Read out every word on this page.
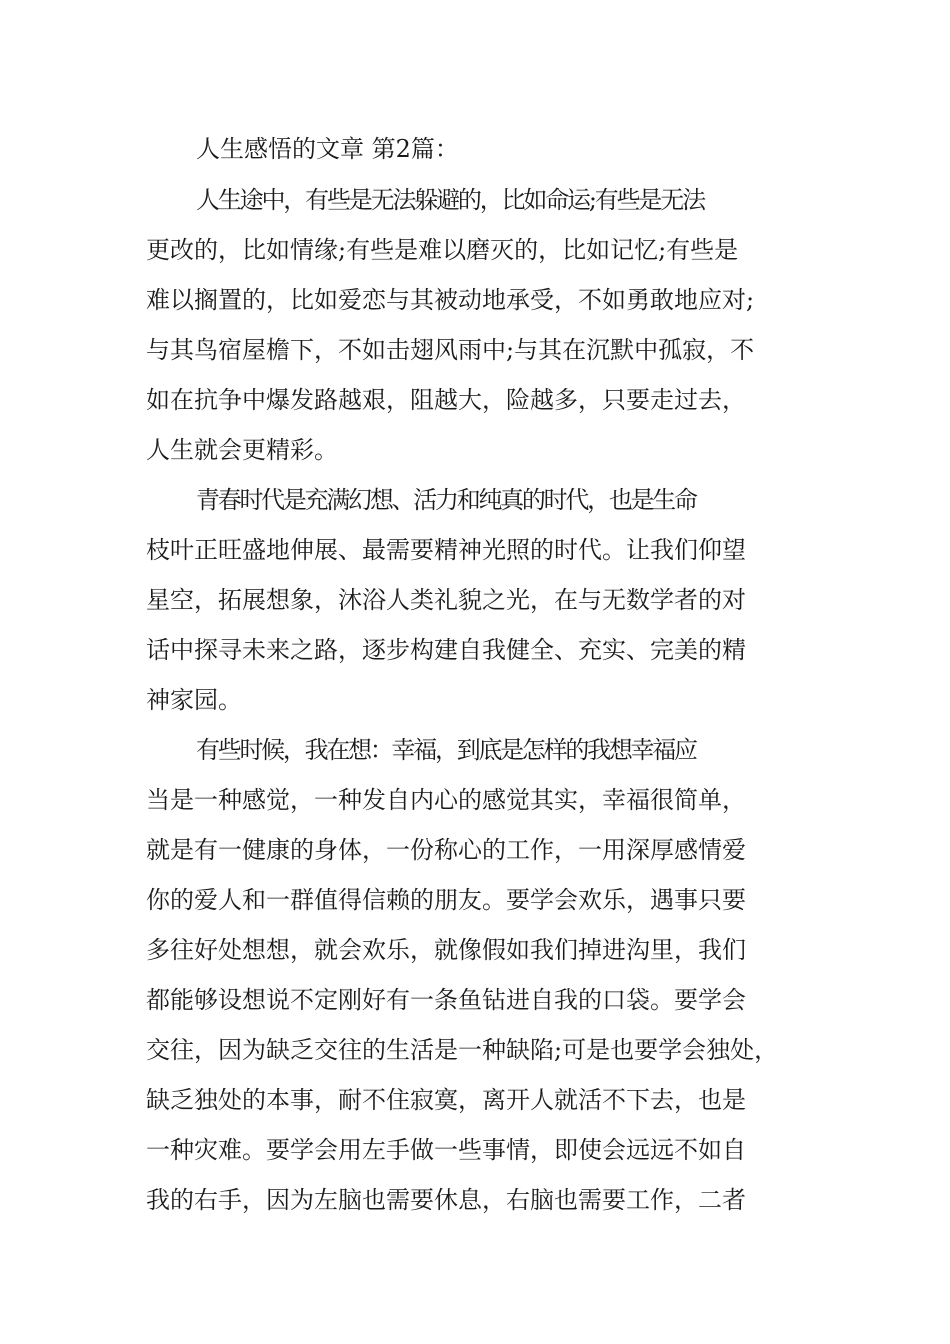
人生感悟的文章 第2篇：
人生途中，有些是无法躲避的，比如命运;有些是无法
更改的，比如情缘;有些是难以磨灭的，比如记忆;有些是
难以搁置的，比如爱恋与其被动地承受，不如勇敢地应对;
与其鸟宿屋檐下，不如击翅风雨中;与其在沉默中孤寂，不
如在抗争中爆发路越艰，阻越大，险越多，只要走过去，
人生就会更精彩。
青春时代是充满幻想、活力和纯真的时代，也是生命
枝叶正旺盛地伸展、最需要精神光照的时代。让我们仰望
星空，拓展想象，沐浴人类礼貌之光，在与无数学者的对
话中探寻未来之路，逐步构建自我健全、充实、完美的精
神家园。
有些时候，我在想：幸福，到底是怎样的我想幸福应
当是一种感觉，一种发自内心的感觉其实，幸福很简单，
就是有一健康的身体，一份称心的工作，一用深厚感情爱
你的爱人和一群值得信赖的朋友。要学会欢乐，遇事只要
多往好处想想，就会欢乐，就像假如我们掉进沟里，我们
都能够设想说不定刚好有一条鱼钻进自我的口袋。要学会
交往，因为缺乏交往的生活是一种缺陷;可是也要学会独处，
缺乏独处的本事，耐不住寂寞，离开人就活不下去，也是
一种灾难。要学会用左手做一些事情，即使会远远不如自
我的右手，因为左脑也需要休息，右脑也需要工作，二者
